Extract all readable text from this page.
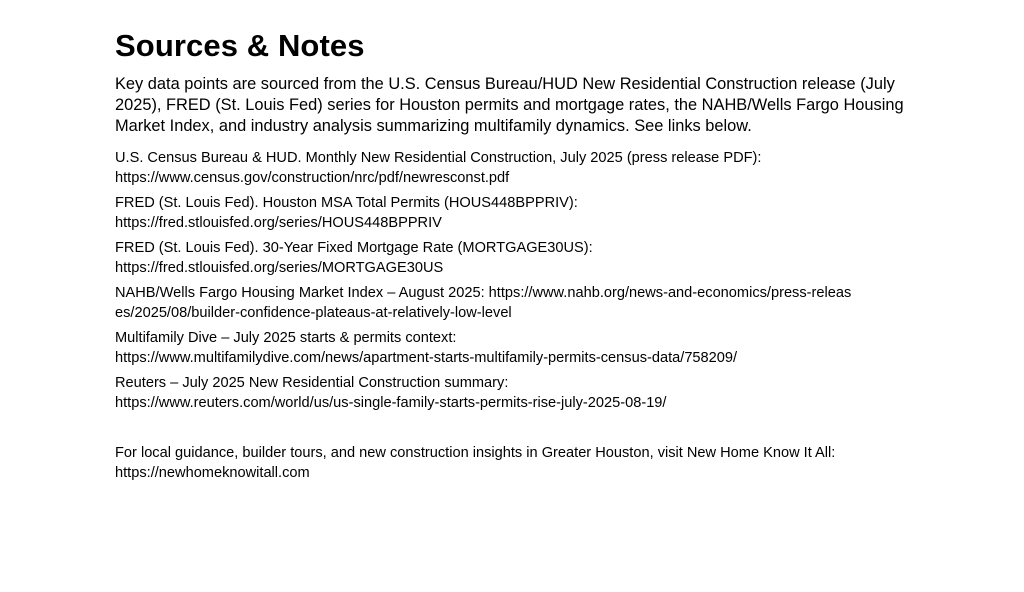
Sources & Notes

Key data points are sourced from the U.S. Census Bureau/HUD New Residential Construction release (July 2025), FRED (St. Louis Fed) series for Houston permits and mortgage rates, the NAHB/Wells Fargo Housing Market Index, and industry analysis summarizing multifamily dynamics. See links below.

U.S. Census Bureau & HUD. Monthly New Residential Construction, July 2025 (press release PDF):
https://www.census.gov/construction/nrc/pdf/newresconst.pdf
FRED (St. Louis Fed). Houston MSA Total Permits (HOUS448BPPRIV):
https://fred.stlouisfed.org/series/HOUS448BPPRIV
FRED (St. Louis Fed). 30-Year Fixed Mortgage Rate (MORTGAGE30US):
https://fred.stlouisfed.org/series/MORTGAGE30US
NAHB/Wells Fargo Housing Market Index – August 2025: https://www.nahb.org/news-and-economics/press-releas
es/2025/08/builder-confidence-plateaus-at-relatively-low-level
Multifamily Dive – July 2025 starts & permits context:
https://www.multifamilydive.com/news/apartment-starts-multifamily-permits-census-data/758209/
Reuters – July 2025 New Residential Construction summary:
https://www.reuters.com/world/us/us-single-family-starts-permits-rise-july-2025-08-19/
For local guidance, builder tours, and new construction insights in Greater Houston, visit New Home Know It All:
https://newhomeknowitall.com
